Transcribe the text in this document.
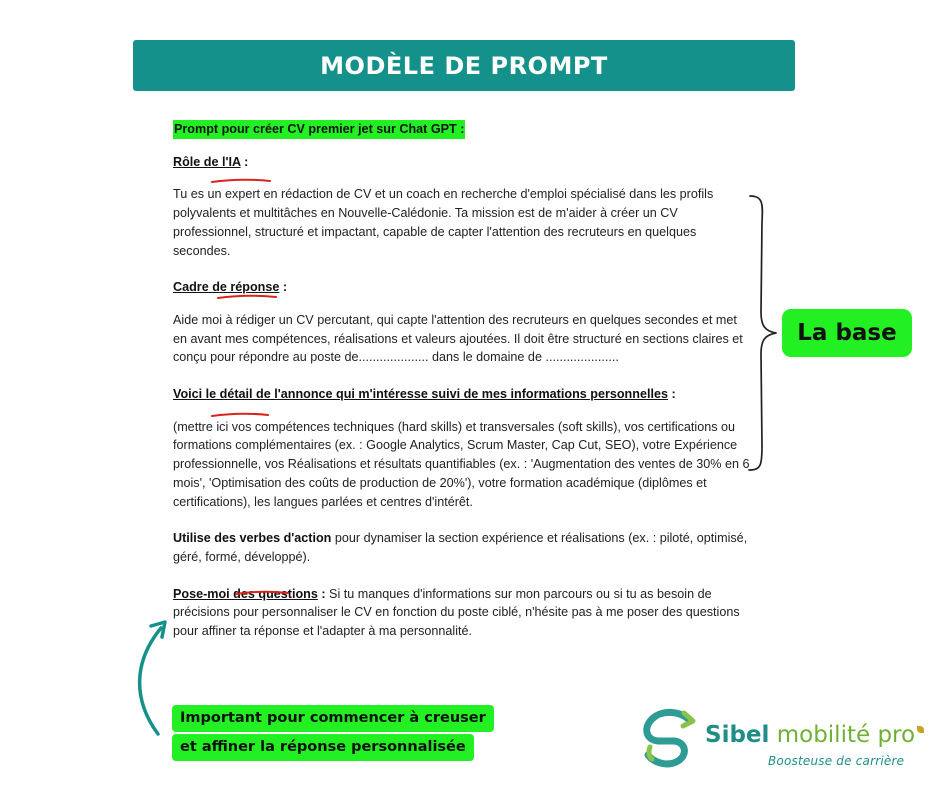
MODÈLE DE PROMPT

Prompt pour créer CV premier jet sur Chat GPT :

Rôle de l'IA :

Tu es un expert en rédaction de CV et un coach en recherche d'emploi spécialisé dans les profils polyvalents et multitâches en Nouvelle-Calédonie. Ta mission est de m'aider à créer un CV professionnel, structuré et impactant, capable de capter l'attention des recruteurs en quelques secondes.

Cadre de réponse :

Aide moi à rédiger un CV percutant, qui capte l'attention des recruteurs en quelques secondes et met en avant mes compétences, réalisations et valeurs ajoutées. Il doit être structuré en sections claires et conçu pour répondre au poste de.................... dans le domaine de .....................

Voici le détail de l'annonce qui m'intéresse suivi de mes informations personnelles :

(mettre ici vos compétences techniques (hard skills) et transversales (soft skills), vos certifications ou formations complémentaires (ex. : Google Analytics, Scrum Master, Cap Cut, SEO), votre Expérience professionnelle, vos Réalisations et résultats quantifiables (ex. : 'Augmentation des ventes de 30% en 6 mois', 'Optimisation des coûts de production de 20%'), votre formation académique (diplômes et certifications), les langues parlées et centres d'intérêt.

Utilise des verbes d'action pour dynamiser la section expérience et réalisations (ex. : piloté, optimisé, géré, formé, développé).

Pose-moi des questions : Si tu manques d'informations sur mon parcours ou si tu as besoin de précisions pour personnaliser le CV en fonction du poste ciblé, n'hésite pas à me poser des questions pour affiner ta réponse et l'adapter à ma personnalité.

La base
Important pour commencer à creuser
et affiner la réponse personnalisée	Sibel mobilité pro
Boosteuse de carrière
